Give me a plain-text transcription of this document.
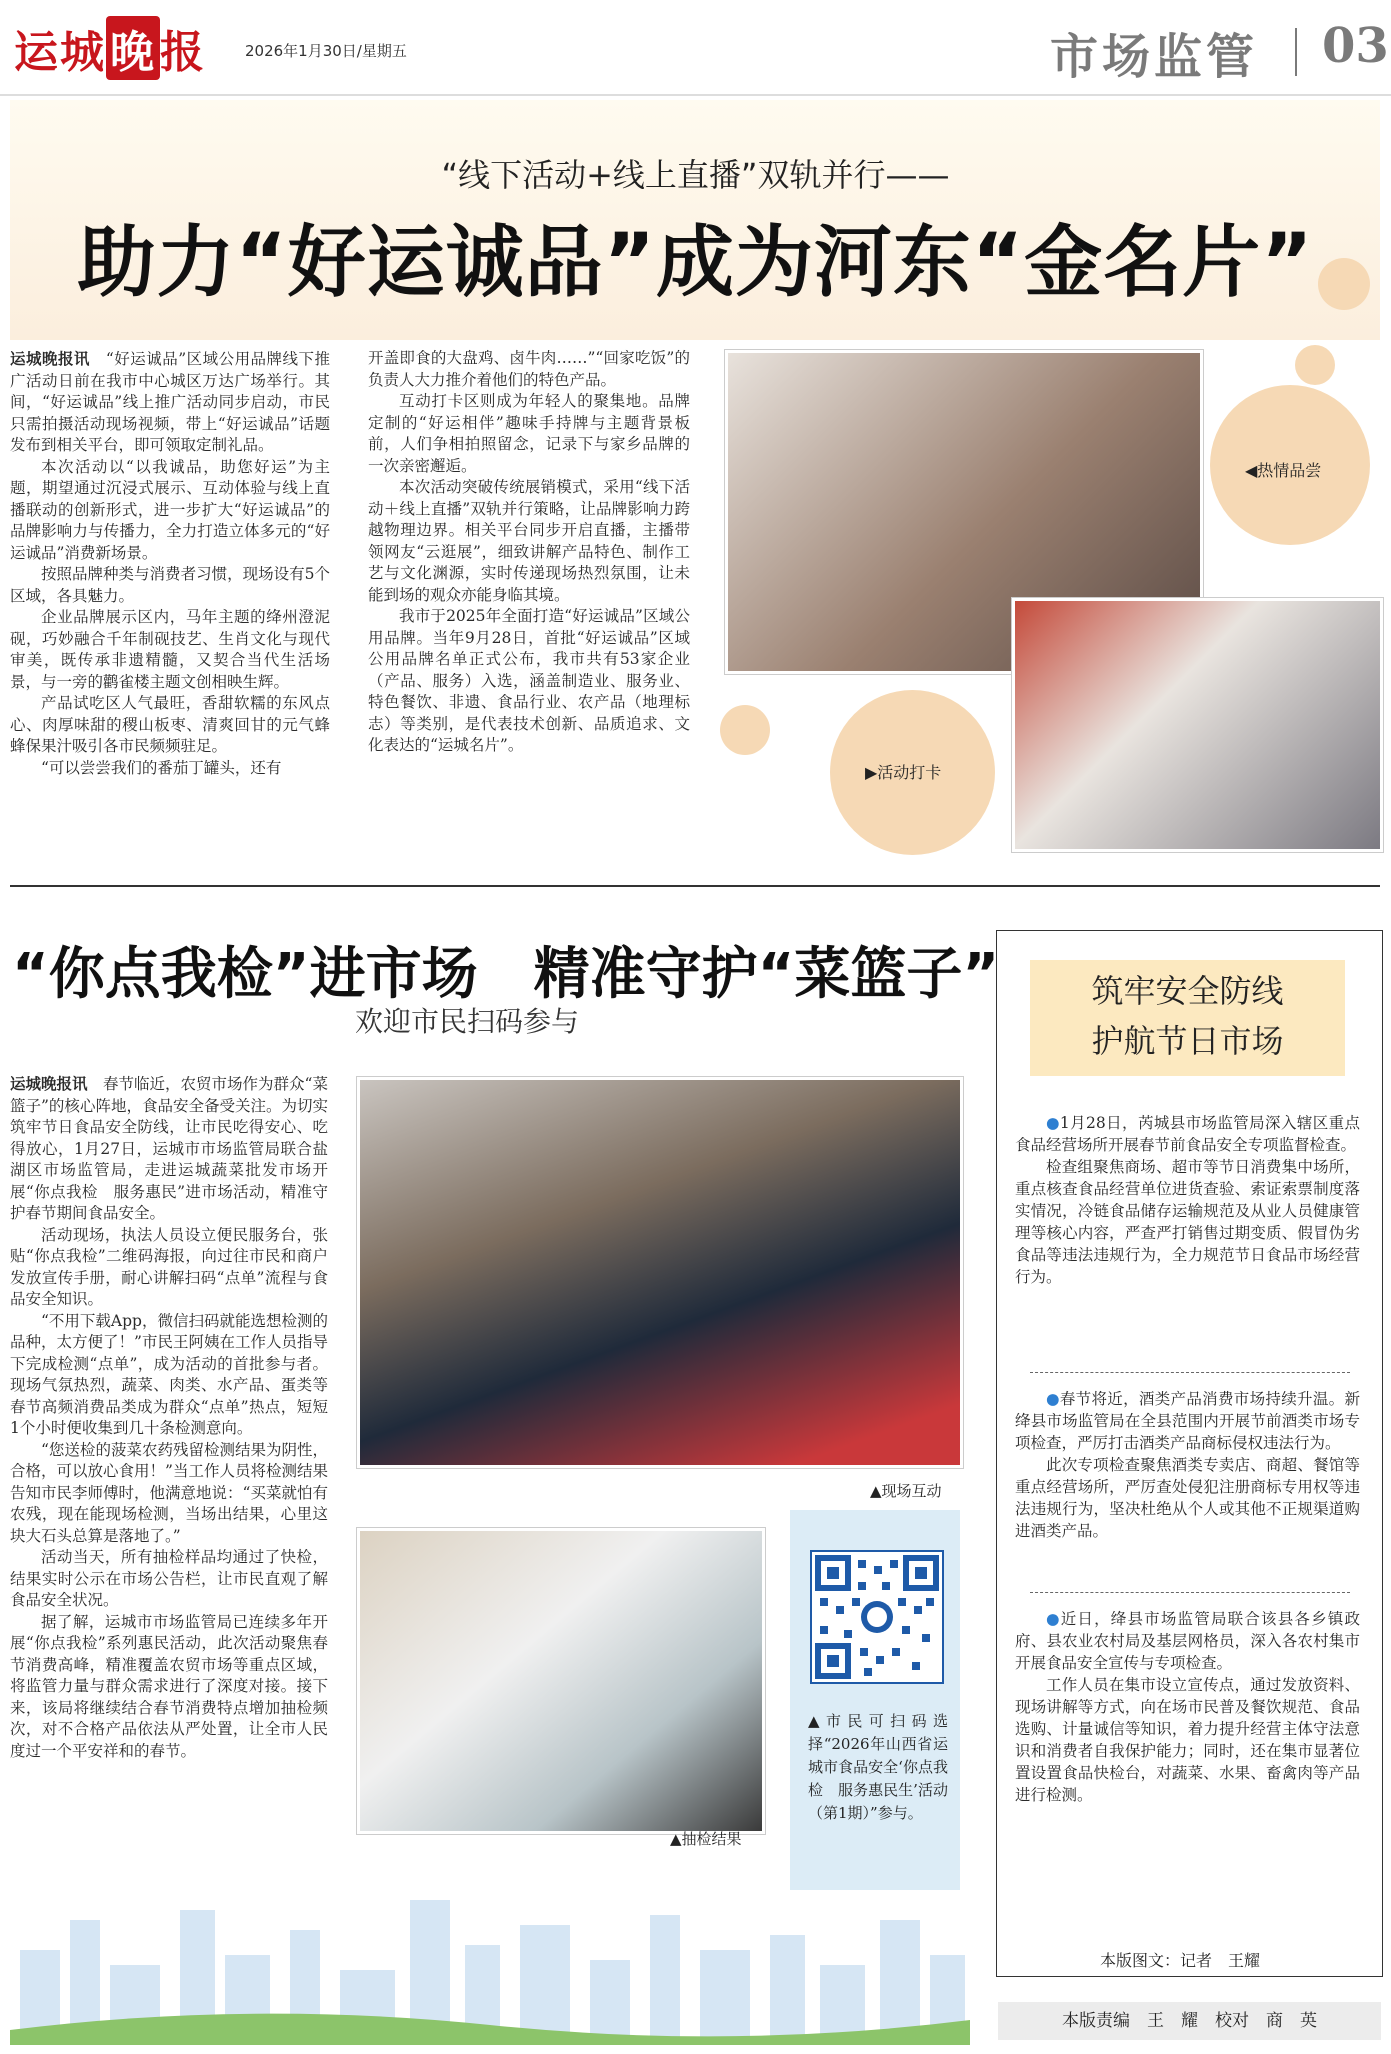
运城晚报	2026年1月30日/星期五	市场监管 03
“线下活动+线上直播”双轨并行——
助力“好运诚品”成为河东“金名片”

运城晚报讯　 “好运诚品”区域公用品牌线下推广活动日前在我市中心城区万达广场举行。其间，“好运诚品”线上推广活动同步启动，市民只需拍摄活动现场视频，带上“好运诚品”话题发布到相关平台，即可领取定制礼品。

本次活动以“以我诚品，助您好运”为主题，期望通过沉浸式展示、互动体验与线上直播联动的创新形式，进一步扩大“好运诚品”的品牌影响力与传播力，全力打造立体多元的“好运诚品”消费新场景。

按照品牌种类与消费者习惯，现场设有5个区域，各具魅力。

企业品牌展示区内，马年主题的绛州澄泥砚，巧妙融合千年制砚技艺、生肖文化与现代审美，既传承非遗精髓，又契合当代生活场景，与一旁的鹳雀楼主题文创相映生辉。

产品试吃区人气最旺，香甜软糯的东风点心、肉厚味甜的稷山板枣、清爽回甘的元气蜂蜂保果汁吸引各市民频频驻足。

“可以尝尝我们的番茄丁罐头，还有

开盖即食的大盘鸡、卤牛肉……”“回家吃饭”的负责人大力推介着他们的特色产品。

互动打卡区则成为年轻人的聚集地。品牌定制的“好运相伴”趣味手持牌与主题背景板前，人们争相拍照留念，记录下与家乡品牌的一次亲密邂逅。

本次活动突破传统展销模式，采用“线下活动＋线上直播”双轨并行策略，让品牌影响力跨越物理边界。相关平台同步开启直播，主播带领网友“云逛展”，细致讲解产品特色、制作工艺与文化渊源，实时传递现场热烈氛围，让未能到场的观众亦能身临其境。

我市于2025年全面打造“好运诚品”区域公用品牌。当年9月28日，首批“好运诚品”区域公用品牌名单正式公布，我市共有53家企业（产品、服务）入选，涵盖制造业、服务业、特色餐饮、非遗、食品行业、农产品（地理标志）等类别，是代表技术创新、品质追求、文化表达的“运城名片”。

◀热情品尝
▶活动打卡
“你点我检”进市场　精准守护“菜篮子”
欢迎市民扫码参与

运城晚报讯　 春节临近，农贸市场作为群众“菜篮子”的核心阵地，食品安全备受关注。为切实筑牢节日食品安全防线，让市民吃得安心、吃得放心，1月27日，运城市市场监管局联合盐湖区市场监管局，走进运城蔬菜批发市场开展“你点我检　服务惠民”进市场活动，精准守护春节期间食品安全。

活动现场，执法人员设立便民服务台，张贴“你点我检”二维码海报，向过往市民和商户发放宣传手册，耐心讲解扫码“点单”流程与食品安全知识。

“不用下载App，微信扫码就能选想检测的品种，太方便了！”市民王阿姨在工作人员指导下完成检测“点单”，成为活动的首批参与者。现场气氛热烈，蔬菜、肉类、水产品、蛋类等春节高频消费品类成为群众“点单”热点，短短1个小时便收集到几十条检测意向。

“您送检的菠菜农药残留检测结果为阴性，合格，可以放心食用！”当工作人员将检测结果告知市民李师傅时，他满意地说：“买菜就怕有农残，现在能现场检测，当场出结果，心里这块大石头总算是落地了。”

活动当天，所有抽检样品均通过了快检，结果实时公示在市场公告栏，让市民直观了解食品安全状况。

据了解，运城市市场监管局已连续多年开展“你点我检”系列惠民活动，此次活动聚焦春节消费高峰，精准覆盖农贸市场等重点区域，将监管力量与群众需求进行了深度对接。接下来，该局将继续结合春节消费特点增加抽检频次，对不合格产品依法从严处置，让全市人民度过一个平安祥和的春节。

▲现场互动
▲抽检结果
▲市民可扫码选择“2026年山西省运城市食品安全‘你点我检　服务惠民生’活动（第1期）”参与。
筑牢安全防线
护航节日市场

●1月28日，芮城县市场监管局深入辖区重点食品经营场所开展春节前食品安全专项监督检查。

检查组聚焦商场、超市等节日消费集中场所，重点核查食品经营单位进货查验、索证索票制度落实情况，冷链食品储存运输规范及从业人员健康管理等核心内容，严查严打销售过期变质、假冒伪劣食品等违法违规行为，全力规范节日食品市场经营行为。

●春节将近，酒类产品消费市场持续升温。新绛县市场监管局在全县范围内开展节前酒类市场专项检查，严厉打击酒类产品商标侵权违法行为。

此次专项检查聚焦酒类专卖店、商超、餐馆等重点经营场所，严厉查处侵犯注册商标专用权等违法违规行为，坚决杜绝从个人或其他不正规渠道购进酒类产品。

●近日，绛县市场监管局联合该县各乡镇政府、县农业农村局及基层网格员，深入各农村集市开展食品安全宣传与专项检查。

工作人员在集市设立宣传点，通过发放资料、现场讲解等方式，向在场市民普及餐饮规范、食品选购、计量诚信等知识，着力提升经营主体守法意识和消费者自我保护能力；同时，还在集市显著位置设置食品快检台，对蔬菜、水果、畜禽肉等产品进行检测。

本版图文：记者　王耀
本版责编　王　耀　校对　商　英
